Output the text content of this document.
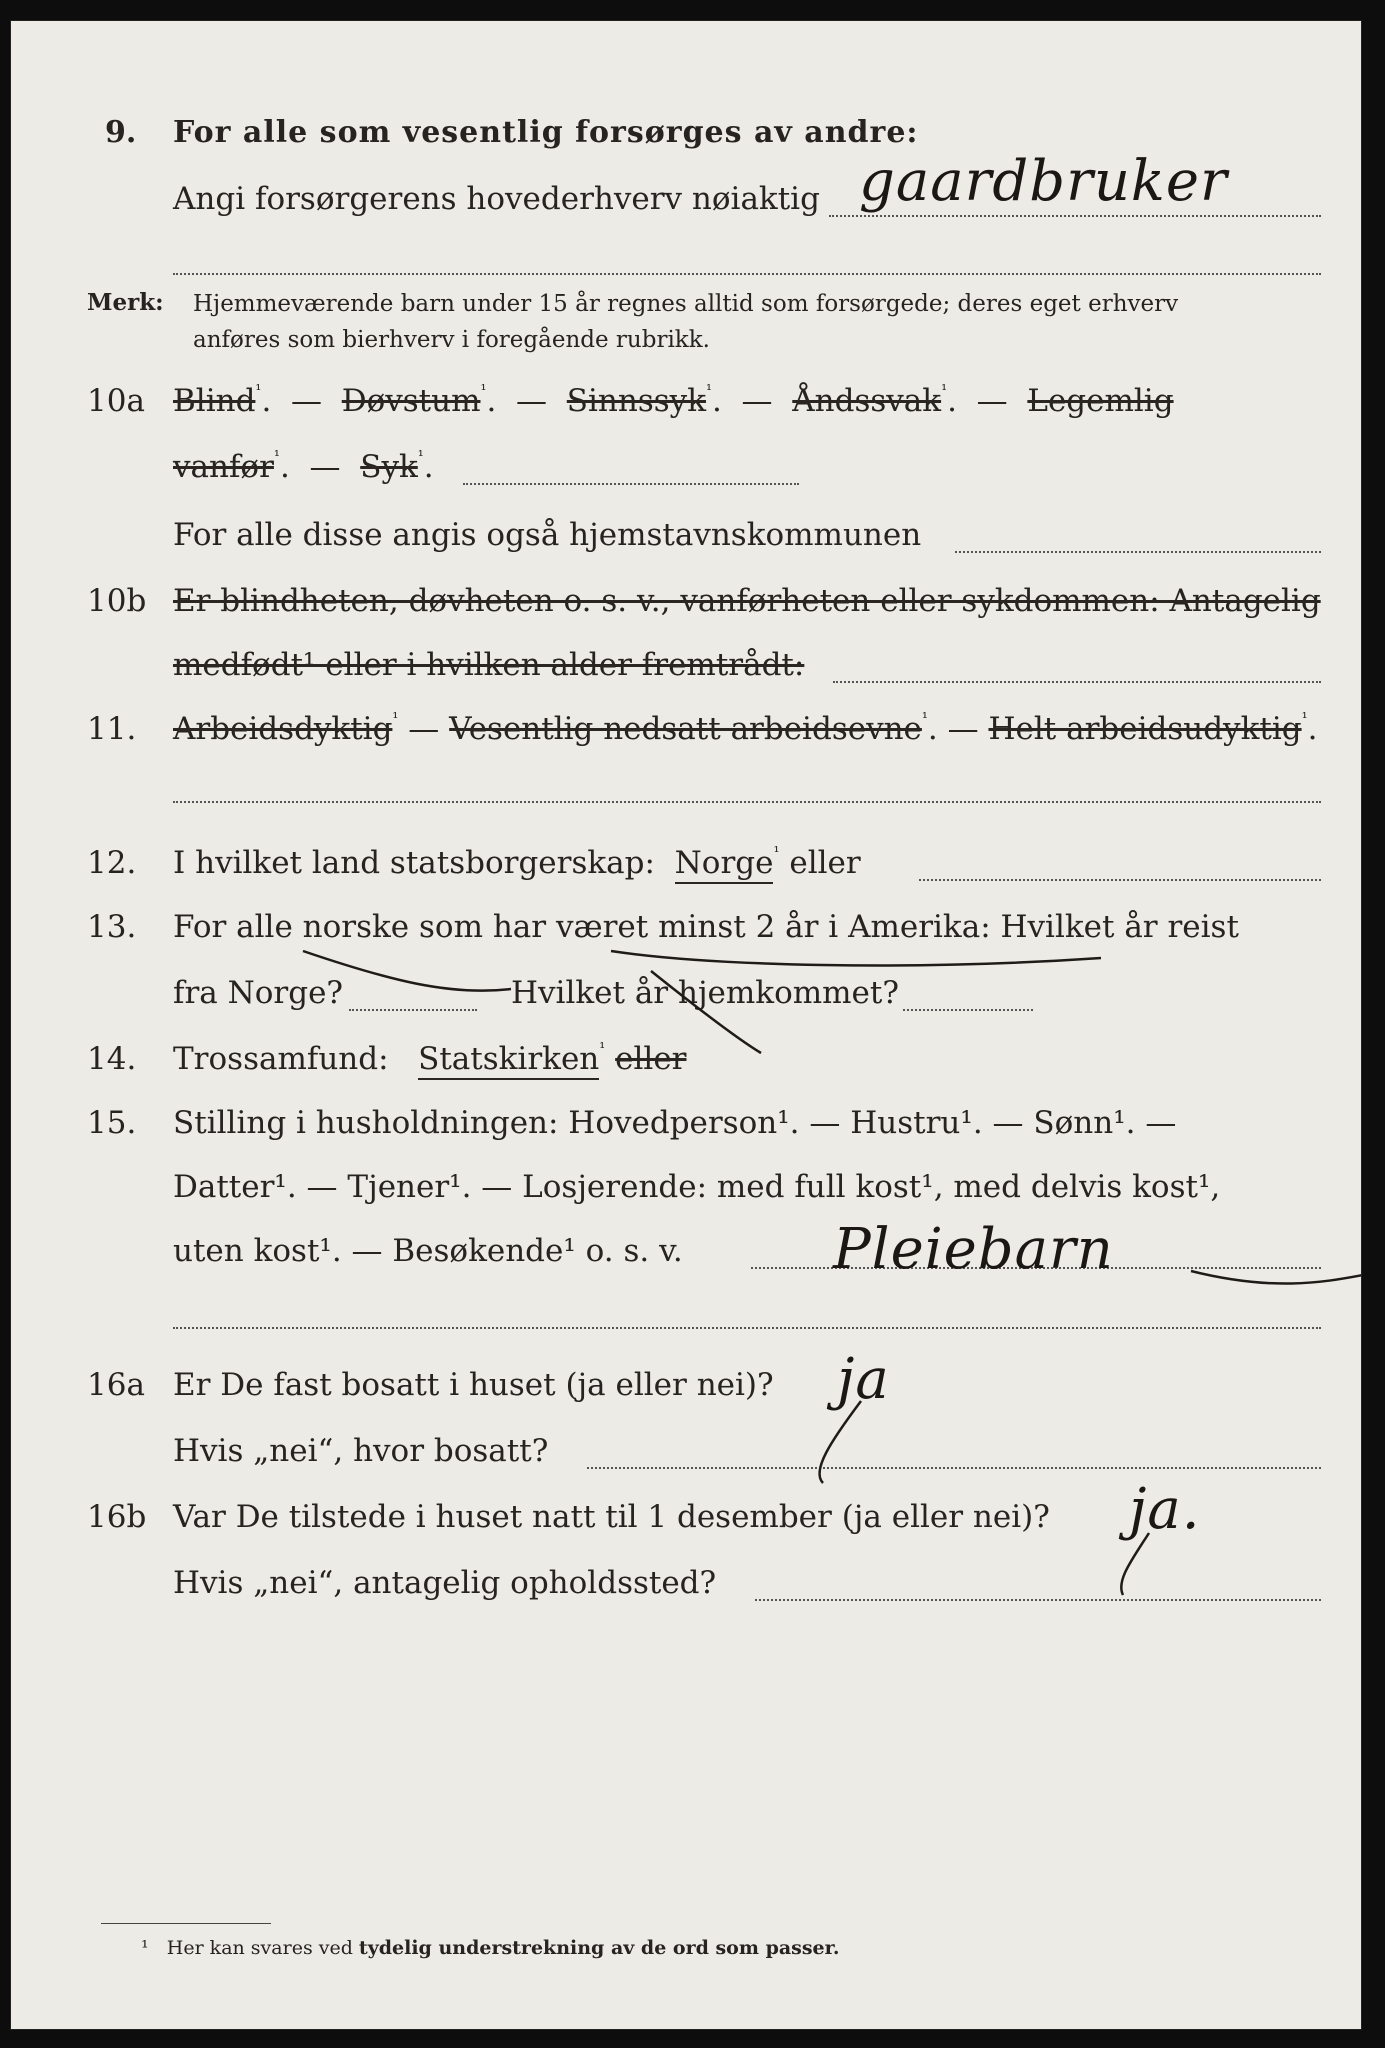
9. For alle som vesentlig forsørges av andre:
Angi forsørgerens hovederhverv nøiaktig gaardbruker
Merk: Hjemmeværende barn under 15 år regnes alltid som forsørgede; deres eget erhverv
anføres som bierhverv i foregående rubrikk.
10a Blind$^{^1}$.  —  Døvstum$^{^1}$.  —  Sinnssyk$^{^1}$.  —  Åndssvak$^{^1}$.  —  Legemlig
vanfør$^{^1}$.  —  Syk$^{^1}$.
For alle disse angis også hjemstavnskommunen
10b Er blindheten, døvheten o. s. v., vanførheten eller sykdommen: Antagelig
medfødt¹ eller i hvilken alder fremtrådt:
11. Arbeidsdyktig$^{^1}$ — Vesentlig nedsatt arbeidsevne$^{^1}$. — Helt arbeidsudyktig$^{^1}$.
12. I hvilket land statsborgerskap: Norge$^{^1}$ eller
13. For alle norske som har været minst 2 år i Amerika: Hvilket år reist
fra Norge?	Hvilket år hjemkommet?
14. Trossamfund: Statskirken$^{^1}$ eller
15. Stilling i husholdningen: Hovedperson¹. — Hustru¹. — Sønn¹. —
Datter¹. — Tjener¹. — Losjerende: med full kost¹, med delvis kost¹,
uten kost¹. — Besøkende¹ o. s. v.	Pleiebarn
16a Er De fast bosatt i huset (ja eller nei)? ja
Hvis „nei“, hvor bosatt?
16b Var De tilstede i huset natt til 1 desember (ja eller nei)? ja.
Hvis „nei“, antagelig opholdssted?
¹ Her kan svares ved tydelig understrekning av de ord som passer.
